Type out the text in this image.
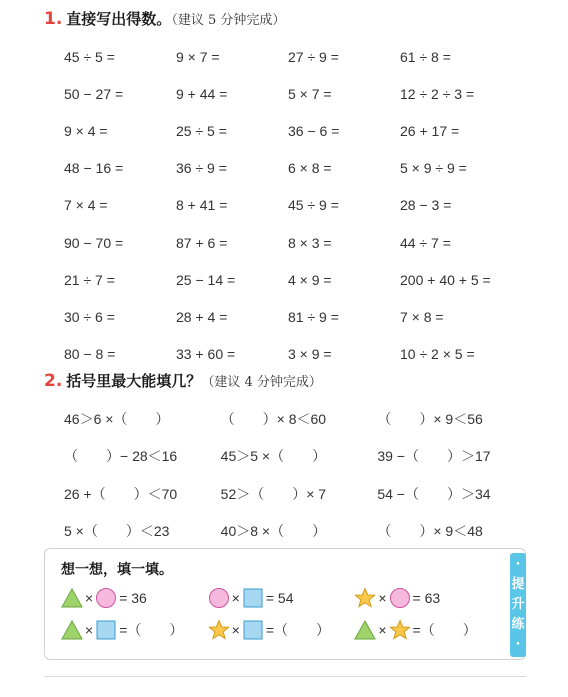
1. 直接写出得数。（建议 5 分钟完成）
45 ÷ 5 =	9 × 7 =	27 ÷ 9 =	61 ÷ 8 =
50 − 27 =	9 + 44 =	5 × 7 =	12 ÷ 2 ÷ 3 =
9 × 4 =	25 ÷ 5 =	36 − 6 =	26 + 17 =
48 − 16 =	36 ÷ 9 =	6 × 8 =	5 × 9 ÷ 9 =
7 × 4 =	8 + 41 =	45 ÷ 9 =	28 − 3 =
90 − 70 =	87 + 6 =	8 × 3 =	44 ÷ 7 =
21 ÷ 7 =	25 − 14 =	4 × 9 =	200 + 40 + 5 =
30 ÷ 6 =	28 + 4 =	81 ÷ 9 =	7 × 8 =
80 − 8 =	33 + 60 =	3 × 9 =	10 ÷ 2 × 5 =
2. 括号里最大能填几？（建议 4 分钟完成）
46＞6 ×（　　）	（　　）× 8＜60	（　　）× 9＜56
（　　）− 28＜16	45＞5 ×（　　）	39 −（　　）＞17
26 +（　　）＜70	52＞（　　）× 7	54 −（　　）＞34
5 ×（　　）＜23	40＞8 ×（　　）	（　　）× 9＜48
想一想，填一填。
× = 36	× = 54	× = 63
× =（　　）	× =（　　）	× =（　　）
·
提
升
练
·
